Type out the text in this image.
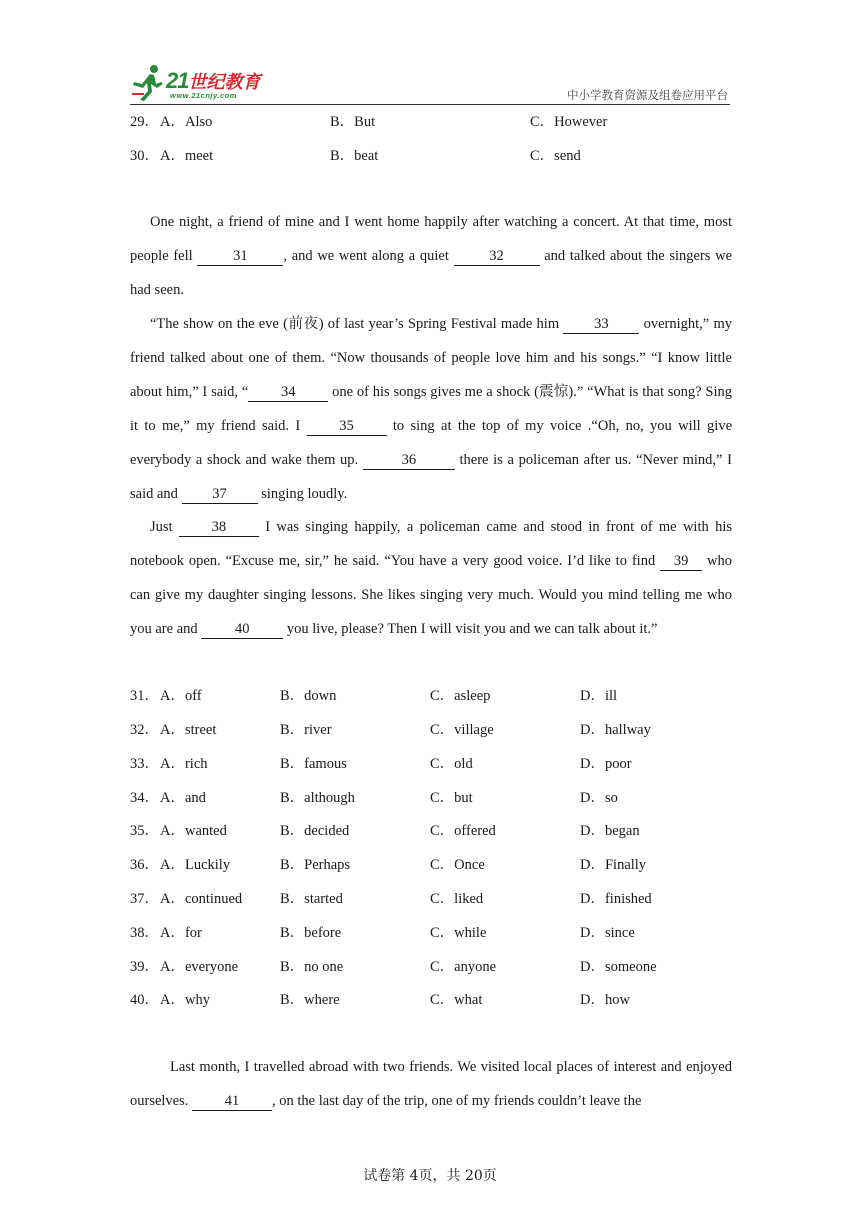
21世纪教育
www.21cnjy.com	中小学教育资源及组卷应用平台
29． A．Also	B．But	C．However
30． A．meet	B．beat	C．send

One night, a friend of mine and I went home happily after watching a concert. At that time, most people fell 31 , and we went along a quiet 32 and talked about the singers we had seen.

“The show on the eve (前夜) of last year’s Spring Festival made him 33 overnight,” my friend talked about one of them. “Now thousands of people love him and his songs.” “I know little about him,” I said, “ 34 one of his songs gives me a shock (震惊).” “What is that song? Sing it to me,” my friend said. I 35 to sing at the top of my voice .“Oh, no, you will give everybody a shock and wake them up.	36	there is a policeman after us. “Never mind,” I said and 37 singing loudly.

Just 38 I was singing happily, a policeman came and stood in front of me with his notebook open. “Excuse me, sir,” he said. “You have a very good voice. I’d like to find 39 who can give my daughter singing lessons. She likes singing very much. Would you mind telling me who you are and 40 you live, please? Then I will visit you and we can talk about it.”

31． A．off	B．down	C．asleep	D．ill
32． A．street	B．river	C．village	D．hallway
33． A．rich	B．famous	C．old	D．poor
34． A．and	B．although	C．but	D．so
35． A．wanted	B．decided	C．offered	D．began
36． A．Luckily	B．Perhaps	C．Once	D．Finally
37． A．continued	B．started	C．liked	D．finished
38． A．for	B．before	C．while	D．since
39． A．everyone	B．no one	C．anyone	D．someone
40． A．why	B．where	C．what	D．how

Last month, I travelled abroad with two friends. We visited local places of interest and enjoyed ourselves. 41 , on the last day of the trip, one of my friends couldn’t leave the

试卷第 4页，共 20页
